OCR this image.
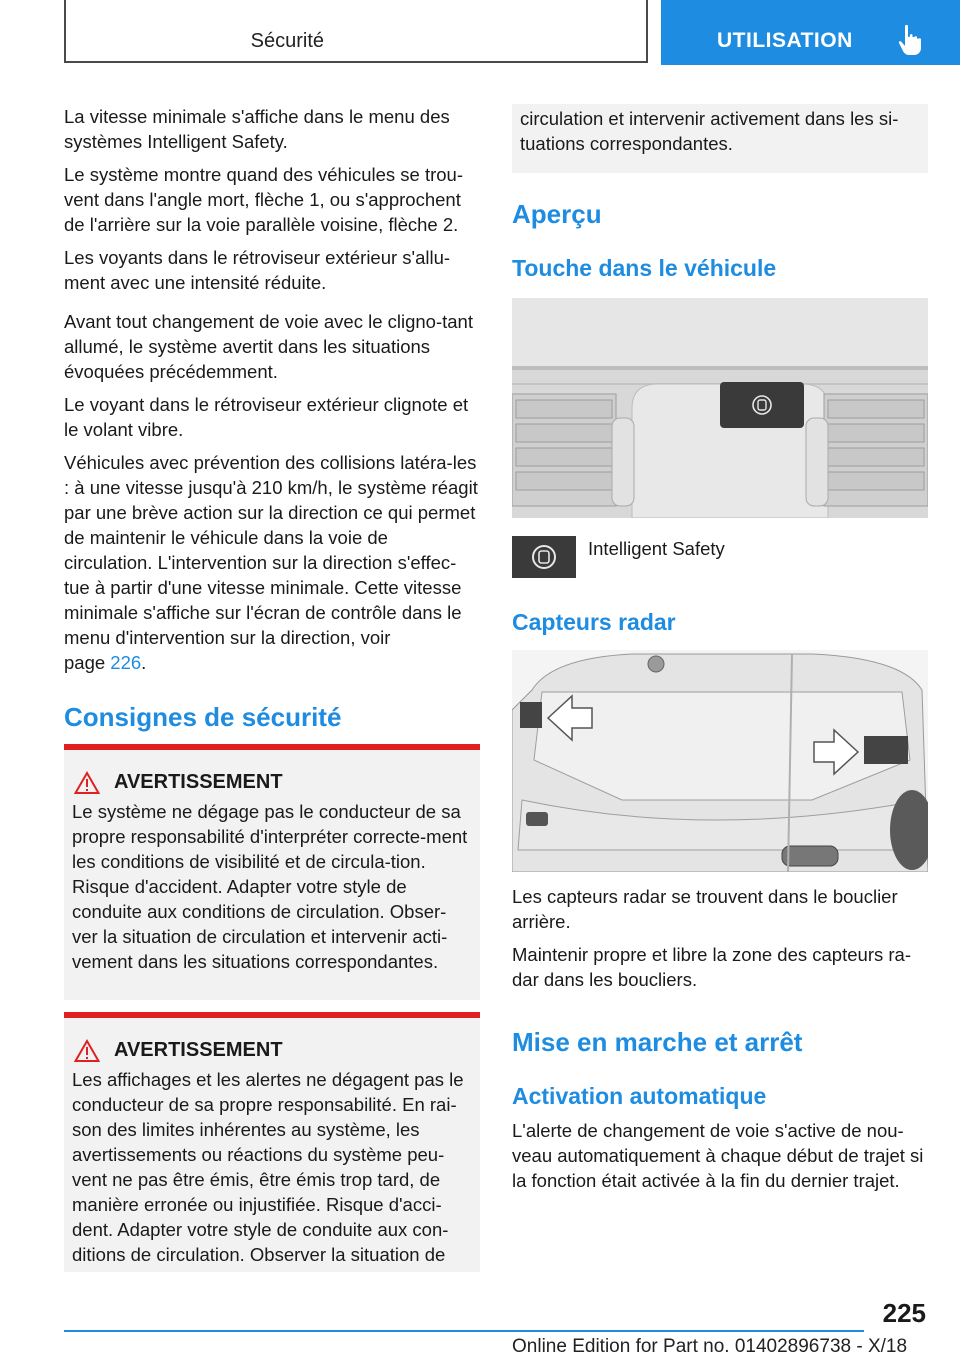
Sécurité	UTILISATION

La vitesse minimale s'affiche dans le menu des systèmes Intelligent Safety.

Le système montre quand des véhicules se trou‐vent dans l'angle mort, flèche 1, ou s'approchent de l'arrière sur la voie parallèle voisine, flèche 2.

Les voyants dans le rétroviseur extérieur s'allu‐ment avec une intensité réduite.

Avant tout changement de voie avec le cligno‐tant allumé, le système avertit dans les situations évoquées précédemment.

Le voyant dans le rétroviseur extérieur clignote et le volant vibre.

Véhicules avec prévention des collisions latéra‐les : à une vitesse jusqu'à 210 km/h, le système réagit par une brève action sur la direction ce qui permet de maintenir le véhicule dans la voie de circulation. L'intervention sur la direction s'effec‐tue à partir d'une vitesse minimale. Cette vitesse minimale s'affiche sur l'écran de contrôle dans le menu d'intervention sur la direction, voir
page 226.

Consignes de sécurité
AVERTISSEMENT
Le système ne dégage pas le conducteur de sa propre responsabilité d'interpréter correcte‐ment les conditions de visibilité et de circula‐tion. Risque d'accident. Adapter votre style de conduite aux conditions de circulation. Obser‐ver la situation de circulation et intervenir acti‐vement dans les situations correspondantes.
AVERTISSEMENT
Les affichages et les alertes ne dégagent pas le conducteur de sa propre responsabilité. En rai‐son des limites inhérentes au système, les avertissements ou réactions du système peu‐vent ne pas être émis, être émis trop tard, de manière erronée ou injustifiée. Risque d'acci‐dent. Adapter votre style de conduite aux con‐ditions de circulation. Observer la situation de
circulation et intervenir activement dans les si‐tuations correspondantes.
Aperçu
Touche dans le véhicule
Intelligent Safety
Capteurs radar

Les capteurs radar se trouvent dans le bouclier arrière.

Maintenir propre et libre la zone des capteurs ra‐dar dans les boucliers.

Mise en marche et arrêt
Activation automatique

L'alerte de changement de voie s'active de nou‐veau automatiquement à chaque début de trajet si la fonction était activée à la fin du dernier trajet.

225
Online Edition for Part no. 01402896738 - X/18
